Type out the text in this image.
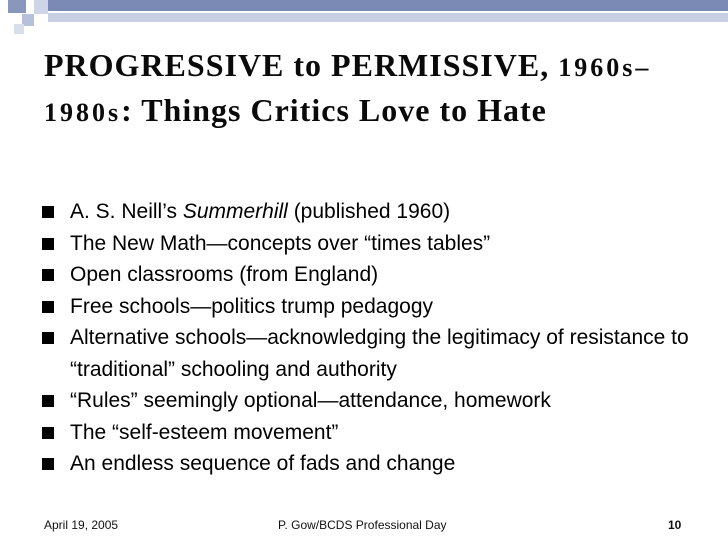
PROGRESSIVE to PERMISSIVE, 1960s–1980s: Things Critics Love to Hate
A. S. Neill’s Summerhill (published 1960)
The New Math—concepts over “times tables”
Open classrooms (from England)
Free schools—politics trump pedagogy
Alternative schools—acknowledging the legitimacy of resistance to “traditional” schooling and authority
“Rules” seemingly optional—attendance, homework
The “self-esteem movement”
An endless sequence of fads and change
April 19, 2005	P. Gow/BCDS Professional Day	10
